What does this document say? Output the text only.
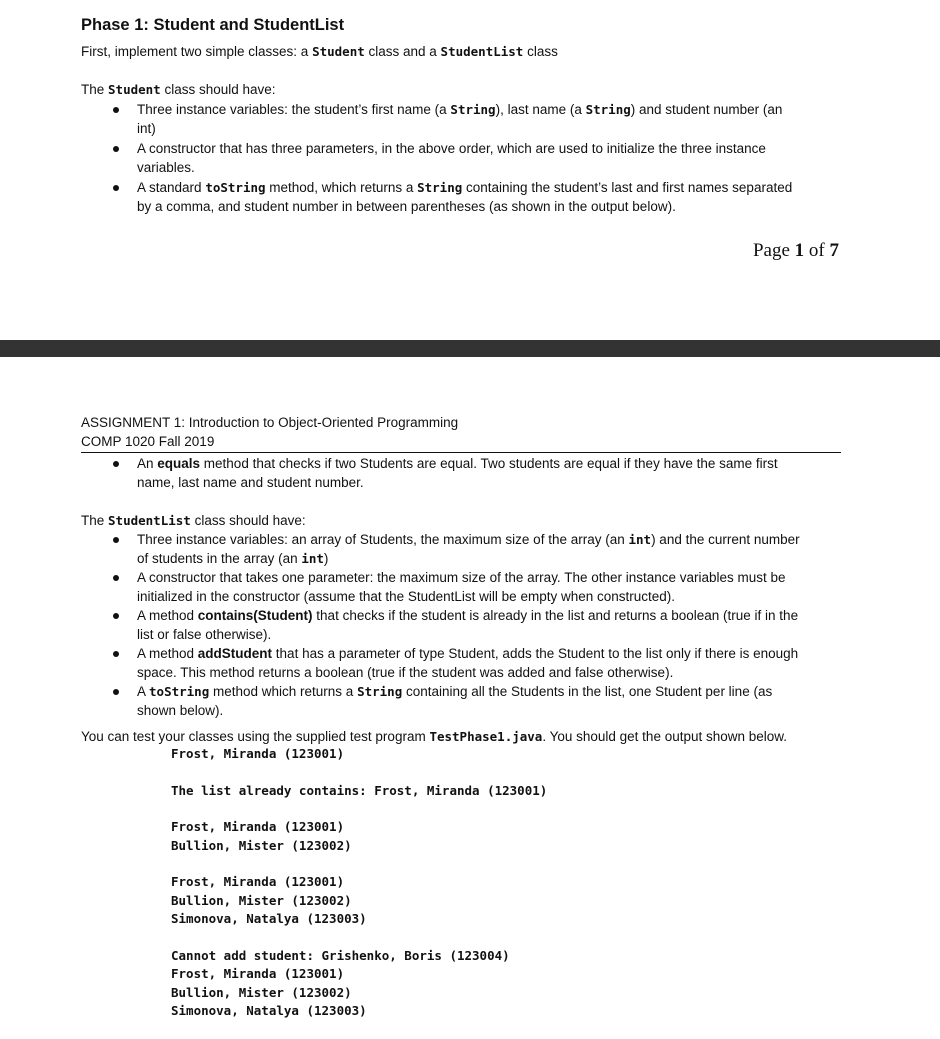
Phase 1: Student and StudentList
First, implement two simple classes: a Student class and a StudentList class
The Student class should have:
Three instance variables: the student’s first name (a String), last name (a String) and student number (an
int)
A constructor that has three parameters, in the above order, which are used to initialize the three instance
variables.
A standard toString method, which returns a String containing the student’s last and first names separated
by a comma, and student number in between parentheses (as shown in the output below).
Page 1 of 7
ASSIGNMENT 1: Introduction to Object-Oriented Programming
COMP 1020 Fall 2019
An equals method that checks if two Students are equal. Two students are equal if they have the same first
name, last name and student number.
The StudentList class should have:
Three instance variables: an array of Students, the maximum size of the array (an int) and the current number
of students in the array (an int)
A constructor that takes one parameter: the maximum size of the array. The other instance variables must be
initialized in the constructor (assume that the StudentList will be empty when constructed).
A method contains(Student) that checks if the student is already in the list and returns a boolean (true if in the
list or false otherwise).
A method addStudent that has a parameter of type Student, adds the Student to the list only if there is enough
space. This method returns a boolean (true if the student was added and false otherwise).
A toString method which returns a String containing all the Students in the list, one Student per line (as
shown below).
You can test your classes using the supplied test program TestPhase1.java. You should get the output shown below.
Frost, Miranda (123001)
The list already contains: Frost, Miranda (123001)
Frost, Miranda (123001)
Bullion, Mister (123002)
Frost, Miranda (123001)
Bullion, Mister (123002)
Simonova, Natalya (123003)
Cannot add student: Grishenko, Boris (123004)
Frost, Miranda (123001)
Bullion, Mister (123002)
Simonova, Natalya (123003)
